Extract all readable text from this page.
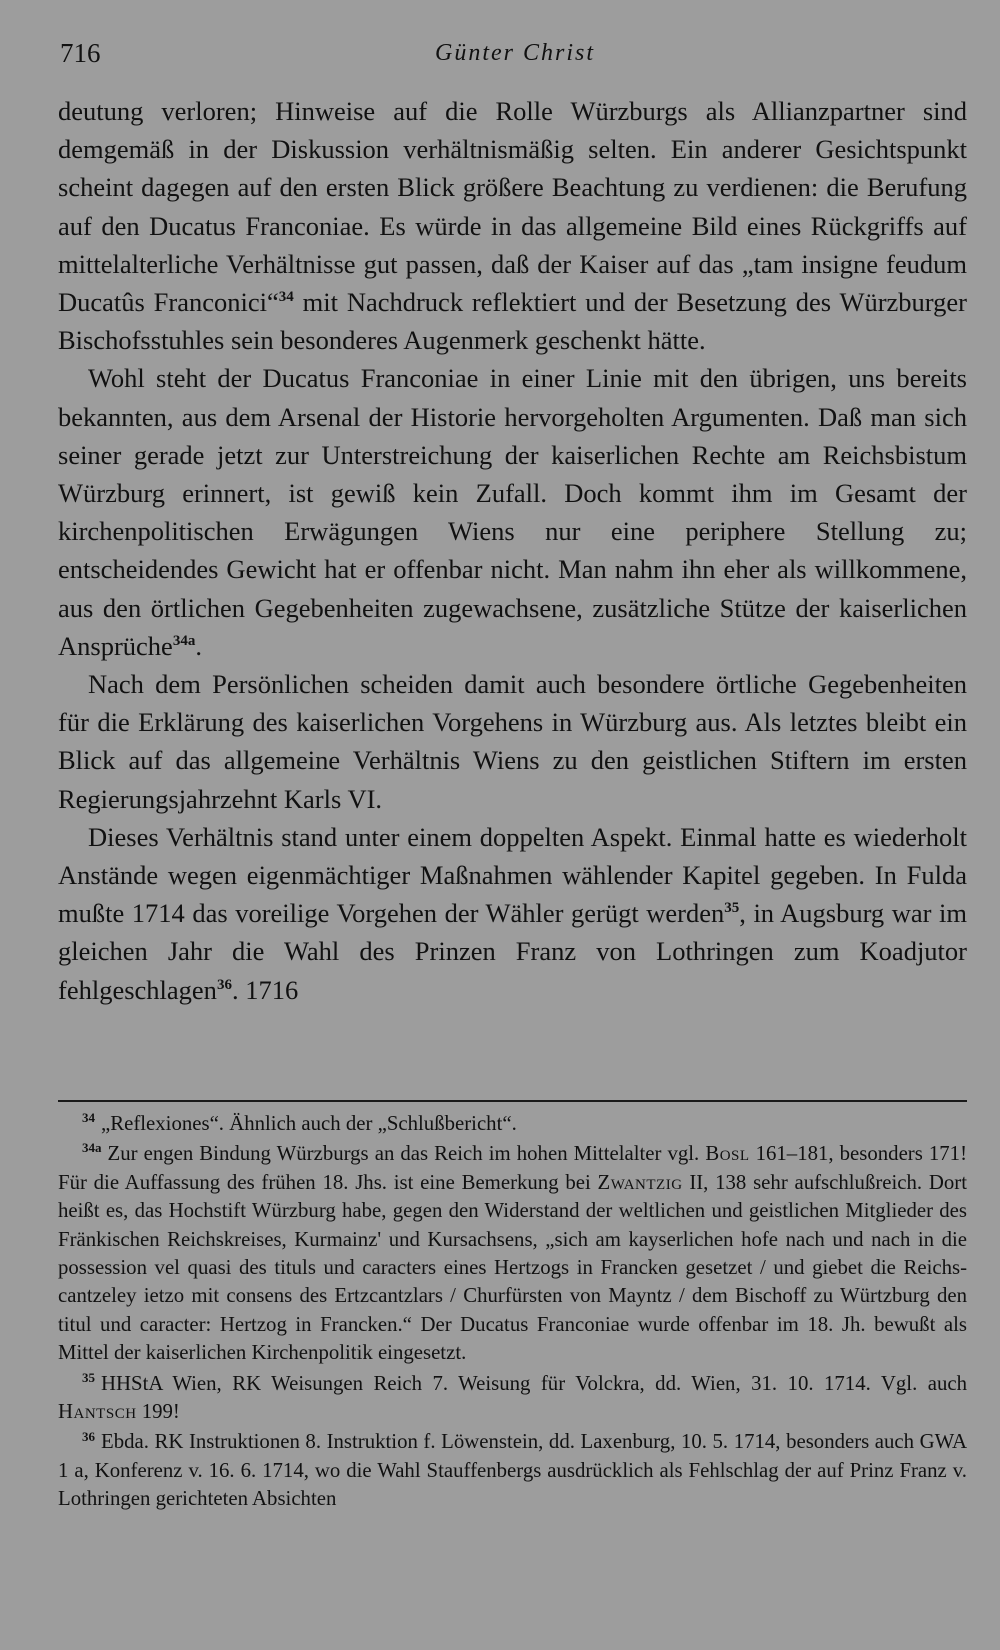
716	Günter Christ

deutung verloren; Hinweise auf die Rolle Würzburgs als Allianzpartner sind demgemäß in der Diskussion verhältnismäßig selten. Ein anderer Gesichtspunkt scheint dagegen auf den ersten Blick größere Beachtung zu verdienen: die Berufung auf den Ducatus Franconiae. Es würde in das allgemeine Bild eines Rückgriffs auf mittelalterliche Verhältnisse gut passen, daß der Kaiser auf das „tam insigne feudum Ducatûs Franconici“$^{34}$ mit Nachdruck reflektiert und der Besetzung des Würzburger Bischofsstuhles sein besonderes Augenmerk geschenkt hätte.

Wohl steht der Ducatus Franconiae in einer Linie mit den übrigen, uns bereits bekannten, aus dem Arsenal der Historie hervorgeholten Argumenten. Daß man sich seiner gerade jetzt zur Unterstreichung der kaiserlichen Rechte am Reichsbistum Würzburg erinnert, ist gewiß kein Zufall. Doch kommt ihm im Gesamt der kirchenpolitischen Erwägungen Wiens nur eine periphere Stellung zu; entscheidendes Gewicht hat er offenbar nicht. Man nahm ihn eher als willkommene, aus den örtlichen Gegebenheiten zugewachsene, zusätzliche Stütze der kaiserlichen Ansprüche$^{34a}$.

Nach dem Persönlichen scheiden damit auch besondere örtliche Gegebenheiten für die Erklärung des kaiserlichen Vorgehens in Würzburg aus. Als letztes bleibt ein Blick auf das allgemeine Verhältnis Wiens zu den geistlichen Stiftern im ersten Regierungsjahrzehnt Karls VI.

Dieses Verhältnis stand unter einem doppelten Aspekt. Einmal hatte es wiederholt Anstände wegen eigenmächtiger Maßnahmen wählender Kapitel gegeben. In Fulda mußte 1714 das voreilige Vorgehen der Wähler gerügt werden$^{35}$, in Augsburg war im gleichen Jahr die Wahl des Prinzen Franz von Lothringen zum Koadjutor fehlgeschlagen$^{36}$. 1716

$^{34}$ „Reflexiones“. Ähnlich auch der „Schlußbericht“.

$^{34a}$ Zur engen Bindung Würzburgs an das Reich im hohen Mittelalter vgl. Bosl 161–181, besonders 171! Für die Auffassung des frühen 18. Jhs. ist eine Bemerkung bei Zwantzig II, 138 sehr aufschlußreich. Dort heißt es, das Hochstift Würzburg habe, gegen den Widerstand der weltlichen und geistlichen Mitglieder des Fränkischen Reichskreises, Kurmainz' und Kursachsens, „sich am kayserlichen hofe nach und nach in die possession vel quasi des tituls und caracters eines Hertzogs in Francken gesetzet / und giebet die Reichs-cantzeley ietzo mit consens des Ertzcantzlars / Churfürsten von Mayntz / dem Bischoff zu Würtzburg den titul und caracter: Hertzog in Francken.“ Der Ducatus Franconiae wurde offenbar im 18. Jh. bewußt als Mittel der kaiserlichen Kirchenpolitik eingesetzt.

$^{35}$ HHStA Wien, RK Weisungen Reich 7. Weisung für Volckra, dd. Wien, 31. 10. 1714. Vgl. auch Hantsch 199!

$^{36}$ Ebda. RK Instruktionen 8. Instruktion f. Löwenstein, dd. Laxenburg, 10. 5. 1714, besonders auch GWA 1 a, Konferenz v. 16. 6. 1714, wo die Wahl Stauffenbergs ausdrücklich als Fehlschlag der auf Prinz Franz v. Lothringen gerichteten Absichten
